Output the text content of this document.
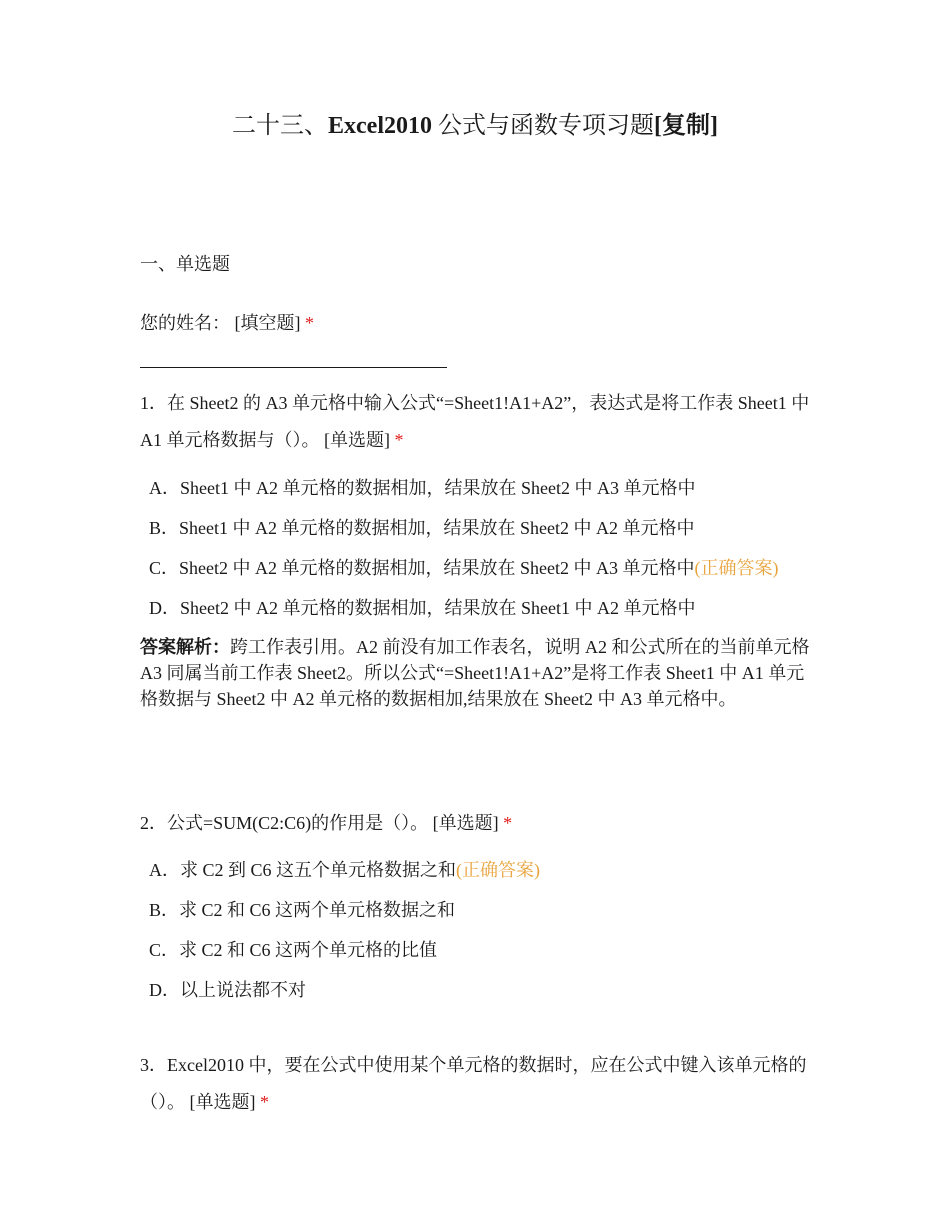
二十三、Excel2010 公式与函数专项习题[复制]
一、单选题
您的姓名： [填空题] *
1．在 Sheet2 的 A3 单元格中输入公式“=Sheet1!A1+A2”，表达式是将工作表 Sheet1 中 A1 单元格数据与（）。 [单选题] *
A．Sheet1 中 A2 单元格的数据相加，结果放在 Sheet2 中 A3 单元格中
B．Sheet1 中 A2 单元格的数据相加，结果放在 Sheet2 中 A2 单元格中
C．Sheet2 中 A2 单元格的数据相加，结果放在 Sheet2 中 A3 单元格中(正确答案)
D．Sheet2 中 A2 单元格的数据相加，结果放在 Sheet1 中 A2 单元格中
答案解析：跨工作表引用。A2 前没有加工作表名，说明 A2 和公式所在的当前单元格 A3 同属当前工作表 Sheet2。所以公式“=Sheet1!A1+A2”是将工作表 Sheet1 中 A1 单元格数据与 Sheet2 中 A2 单元格的数据相加,结果放在 Sheet2 中 A3 单元格中。
2．公式=SUM(C2:C6)的作用是（）。 [单选题] *
A．求 C2 到 C6 这五个单元格数据之和(正确答案)
B．求 C2 和 C6 这两个单元格数据之和
C．求 C2 和 C6 这两个单元格的比值
D．以上说法都不对
3．Excel2010 中，要在公式中使用某个单元格的数据时，应在公式中键入该单元格的（）。 [单选题] *
